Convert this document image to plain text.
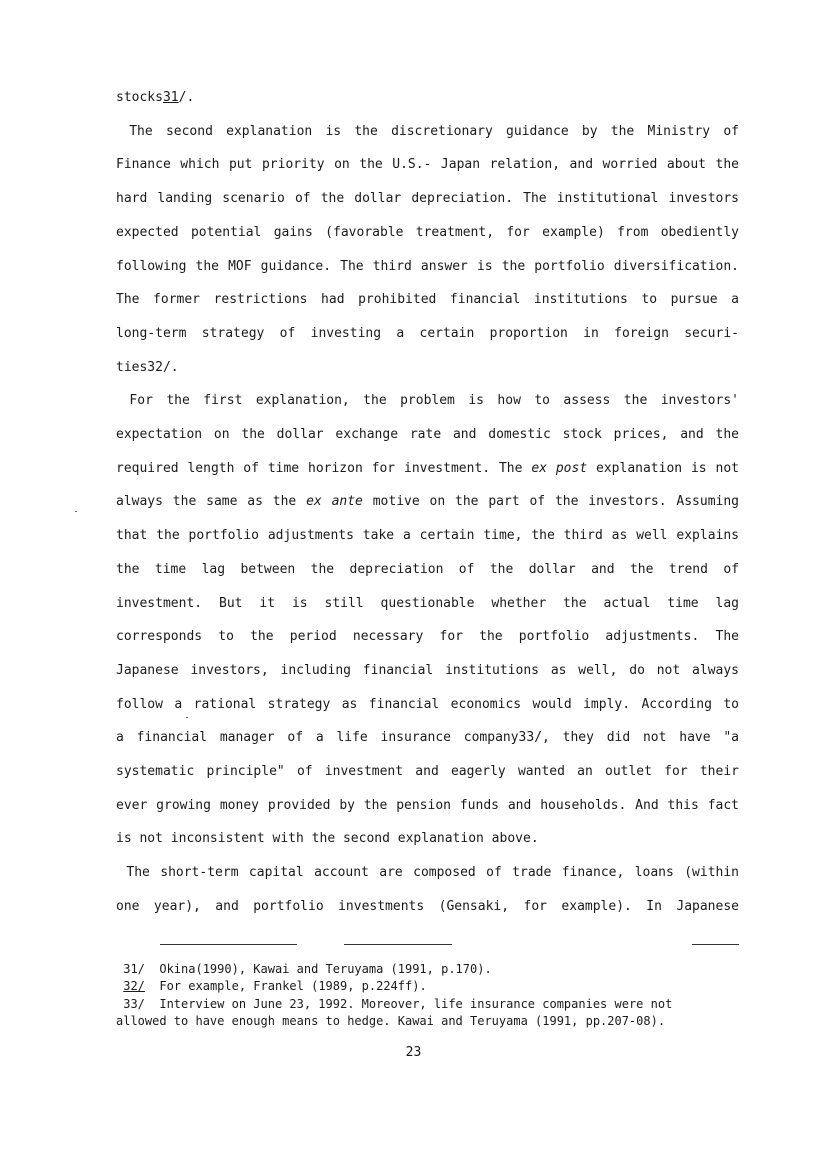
stocks31/.
The second explanation is the discretionary guidance by the Ministry of
Finance which put priority on the U.S.- Japan relation, and worried about the
hard landing scenario of the dollar depreciation. The institutional investors
expected potential gains (favorable treatment, for example) from obediently
following the MOF guidance. The third answer is the portfolio diversification.
The former restrictions had prohibited financial institutions to pursue a
long-term strategy of investing a certain proportion in foreign securi-
ties32/.
For the first explanation, the problem is how to assess the investors'
expectation on the dollar exchange rate and domestic stock prices, and the
required length of time horizon for investment. The ex post explanation is not
always the same as the ex ante motive on the part of the investors. Assuming
that the portfolio adjustments take a certain time, the third as well explains
the time lag between the depreciation of the dollar and the trend of
investment. But it is still questionable whether the actual time lag
corresponds to the period necessary for the portfolio adjustments. The
Japanese investors, including financial institutions as well, do not always
follow a rational strategy as financial economics would imply. According to
a financial manager of a life insurance company33/, they did not have "a
systematic principle" of investment and eagerly wanted an outlet for their
ever growing money provided by the pension funds and households. And this fact
is not inconsistent with the second explanation above.
The short-term capital account are composed of trade finance, loans (within
one year), and portfolio investments (Gensaki, for example). In Japanese
31/  Okina(1990), Kawai and Teruyama (1991, p.170).
32/  For example, Frankel (1989, p.224ff).
33/  Interview on June 23, 1992. Moreover, life insurance companies were not
allowed to have enough means to hedge. Kawai and Teruyama (1991, pp.207-08).
23
